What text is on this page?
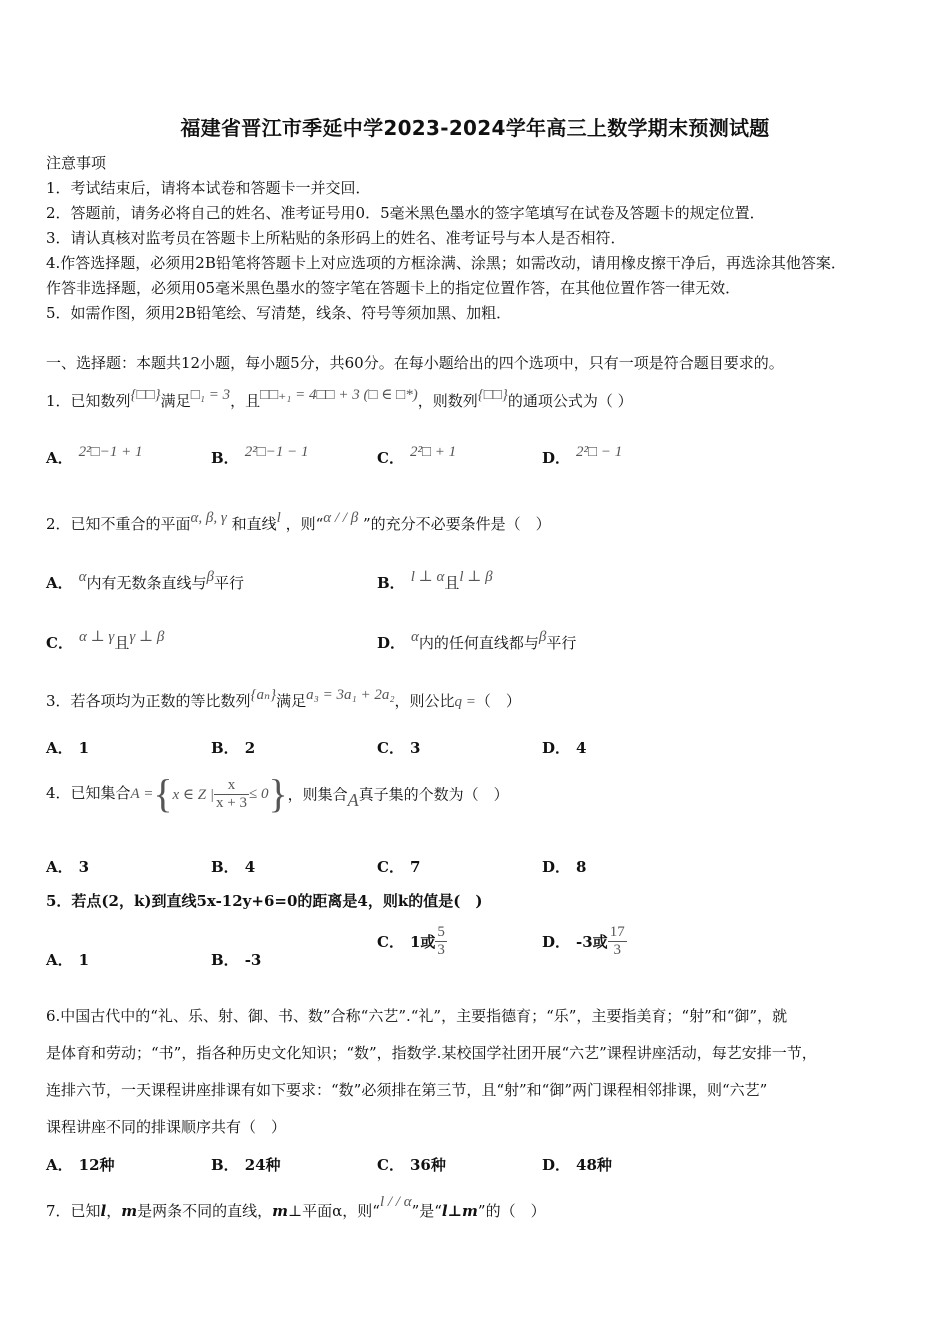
福建省晋江市季延中学2023-2024学年高三上数学期末预测试题
注意事项
1．考试结束后，请将本试卷和答题卡一并交回．
2．答题前，请务必将自己的姓名、准考证号用0．5毫米黑色墨水的签字笔填写在试卷及答题卡的规定位置．
3．请认真核对监考员在答题卡上所粘贴的条形码上的姓名、准考证号与本人是否相符．
4.作答选择题，必须用2B铅笔将答题卡上对应选项的方框涂满、涂黑；如需改动，请用橡皮擦干净后，再选涂其他答案．
作答非选择题，必须用05毫米黑色墨水的签字笔在答题卡上的指定位置作答，在其他位置作答一律无效．
5．如需作图，须用2B铅笔绘、写清楚，线条、符号等须加黑、加粗．
一、选择题：本题共12小题，每小题5分，共60分。在每小题给出的四个选项中，只有一项是符合题目要求的。
1．已知数列{□□}满足□₁ = 3，且□□₊₁ = 4□□ + 3 (□ ∈ □*)，则数列{□□}的通项公式为（ ）
A． 2²□−1 + 1	B． 2²□−1 − 1	C． 2²□ + 1	D． 2²□ − 1
2．已知不重合的平面α, β, γ 和直线l ，则“α / / β ”的充分不必要条件是（　）
A． α内有无数条直线与β平行	B． l ⊥ α且l ⊥ β
C． α ⊥ γ且γ ⊥ β	D． α内的任何直线都与β平行
3．若各项均为正数的等比数列{aₙ}满足a₃ = 3a₁ + 2a₂，则公比q =（　）
A． 1	B． 2	C． 3	D． 4
4．已知集合A ={x ∈ Z | $\frac{x}{x + 3} \le 0$}，则集合A真子集的个数为（　）
A． 3	B． 4	C． 7	D． 8
5．若点(2，k)到直线5x-12y+6=0的距离是4，则k的值是(　)
A． 1	B． -3
C． 1或 $\frac{5}{3}$	D． -3或 $\frac{17}{3}$
6.中国古代中的“礼、乐、射、御、书、数”合称“六艺”.“礼”，主要指德育；“乐”，主要指美育；“射”和“御”，就
是体育和劳动；“书”，指各种历史文化知识；“数”，指数学.某校国学社团开展“六艺”课程讲座活动，每艺安排一节，
连排六节，一天课程讲座排课有如下要求：“数”必须排在第三节，且“射”和“御”两门课程相邻排课，则“六艺”
课程讲座不同的排课顺序共有（　）
A． 12种	B． 24种	C． 36种	D． 48种
7．已知l，m是两条不同的直线，m⊥平面α，则“l / / α”是“l⊥m”的（　）
